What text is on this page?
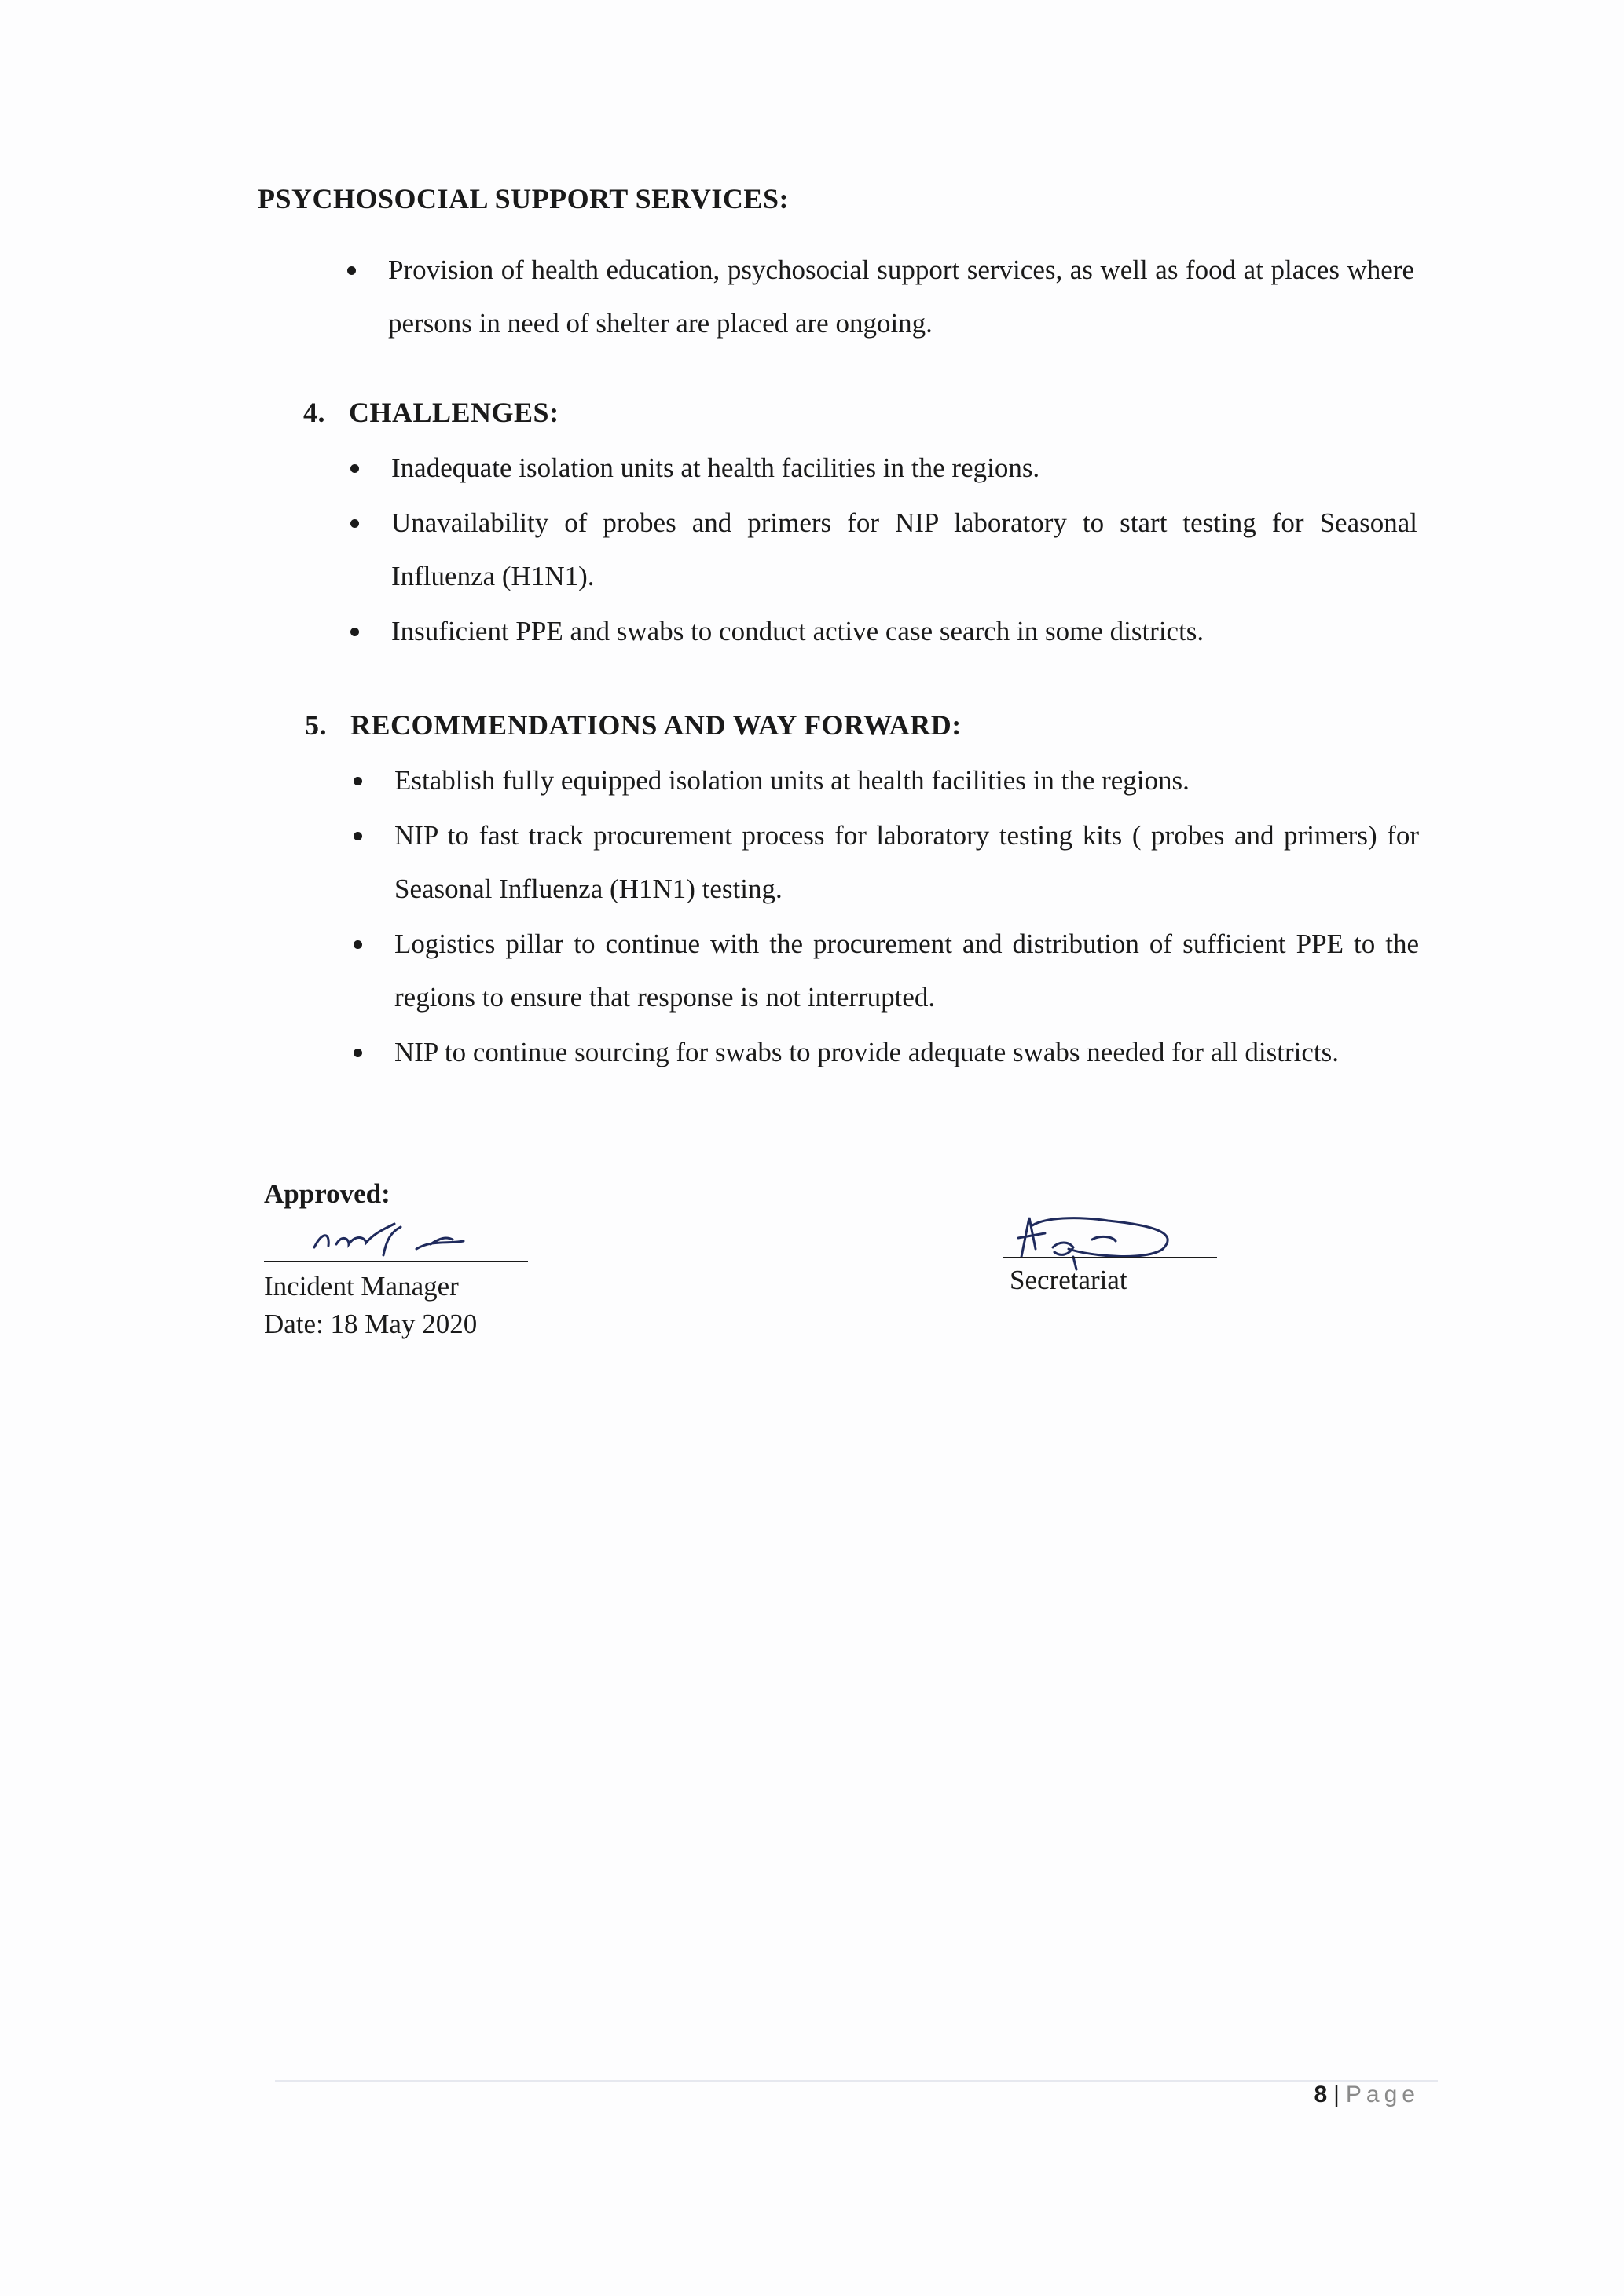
PSYCHOSOCIAL SUPPORT SERVICES:
Provision of health education, psychosocial support services, as well as food at places where persons in need of shelter are placed are ongoing.
4. CHALLENGES:
Inadequate isolation units at health facilities in the regions.
Unavailability of probes and primers for NIP laboratory to start testing for Seasonal Influenza (H1N1).
Insuficient PPE and swabs to conduct active case search in some districts.
5. RECOMMENDATIONS AND WAY FORWARD:
Establish fully equipped isolation units at health facilities in the regions.
NIP to fast track procurement process for laboratory testing kits ( probes and primers) for Seasonal Influenza (H1N1) testing.
Logistics pillar to continue with the procurement and distribution of sufficient PPE to the regions to ensure that response is not interrupted.
NIP to continue sourcing for swabs to provide adequate swabs needed for all districts.
Approved:
Incident Manager
Date: 18 May 2020
Secretariat
8 | Page
